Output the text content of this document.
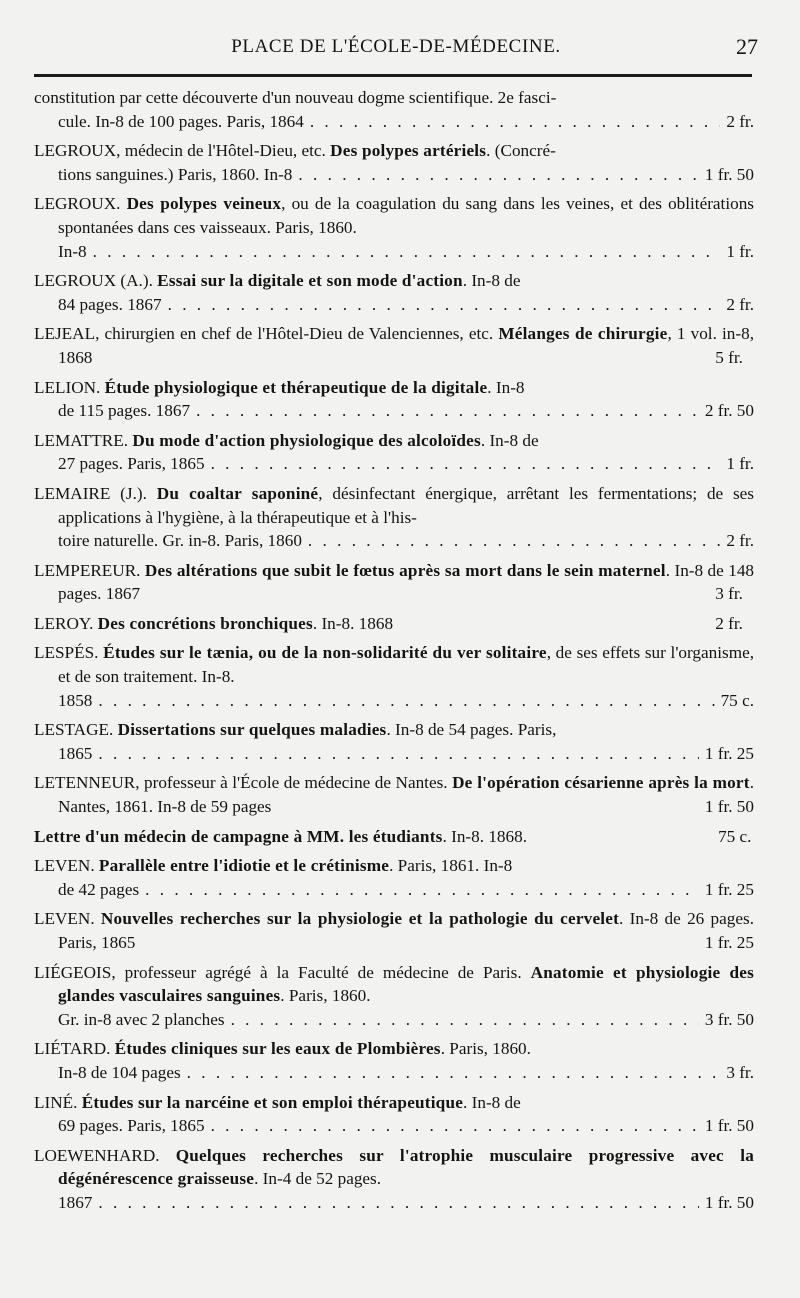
PLACE DE L'ÉCOLE-DE-MÉDECINE.	27
constitution par cette découverte d'un nouveau dogme scientifique. 2e fasci-
cule. In-8 de 100 pages. Paris, 1864 . . .	2 fr.
LEGROUX, médecin de l'Hôtel-Dieu, etc. Des polypes artériels. (Concré-
tions sanguines.) Paris, 1860. In-8 . . .	1 fr. 50
LEGROUX. Des polypes veineux, ou de la coagulation du sang dans les veines, et des oblitérations spontanées dans ces vaisseaux. Paris, 1860.
In-8 . . .	1 fr.
LEGROUX (A.). Essai sur la digitale et son mode d'action. In-8 de
84 pages. 1867 . . .	2 fr.
LEJEAL, chirurgien en chef de l'Hôtel-Dieu de Valenciennes, etc. Mélanges de chirurgie, 1 vol. in-8, 1868	5 fr.
LELION. Étude physiologique et thérapeutique de la digitale. In-8
de 115 pages. 1867 . . .	2 fr. 50
LEMATTRE. Du mode d'action physiologique des alcoloïdes. In-8 de
27 pages. Paris, 1865 . . .	1 fr.
LEMAIRE (J.). Du coaltar saponiné, désinfectant énergique, arrêtant les fermentations; de ses applications à l'hygiène, à la thérapeutique et à l'his-
toire naturelle. Gr. in-8. Paris, 1860 . . .	2 fr.
LEMPEREUR. Des altérations que subit le fœtus après sa mort dans le sein maternel. In-8 de 148 pages. 1867	3 fr.
LEROY. Des concrétions bronchiques. In-8. 1868	2 fr.
LESPÉS. Études sur le tænia, ou de la non-solidarité du ver solitaire, de ses effets sur l'organisme, et de son traitement. In-8.
1858 . . .	75 c.
LESTAGE. Dissertations sur quelques maladies. In-8 de 54 pages. Paris,
1865 . . .	1 fr. 25
LETENNEUR, professeur à l'École de médecine de Nantes. De l'opération césarienne après la mort. Nantes, 1861. In-8 de 59 pages	1 fr. 50
Lettre d'un médecin de campagne à MM. les étudiants. In-8. 1868.	75 c.
LEVEN. Parallèle entre l'idiotie et le crétinisme. Paris, 1861. In-8
de 42 pages . . .	1 fr. 25
LEVEN. Nouvelles recherches sur la physiologie et la pathologie du cervelet. In-8 de 26 pages. Paris, 1865	1 fr. 25
LIÉGEOIS, professeur agrégé à la Faculté de médecine de Paris. Anatomie et physiologie des glandes vasculaires sanguines. Paris, 1860.
Gr. in-8 avec 2 planches . . .	3 fr. 50
LIÉTARD. Études cliniques sur les eaux de Plombières. Paris, 1860.
In-8 de 104 pages . . .	3 fr.
LINÉ. Études sur la narcéine et son emploi thérapeutique. In-8 de
69 pages. Paris, 1865 . . .	1 fr. 50
LOEWENHARD. Quelques recherches sur l'atrophie musculaire progressive avec la dégénérescence graisseuse. In-4 de 52 pages.
1867 . . .	1 fr. 50
